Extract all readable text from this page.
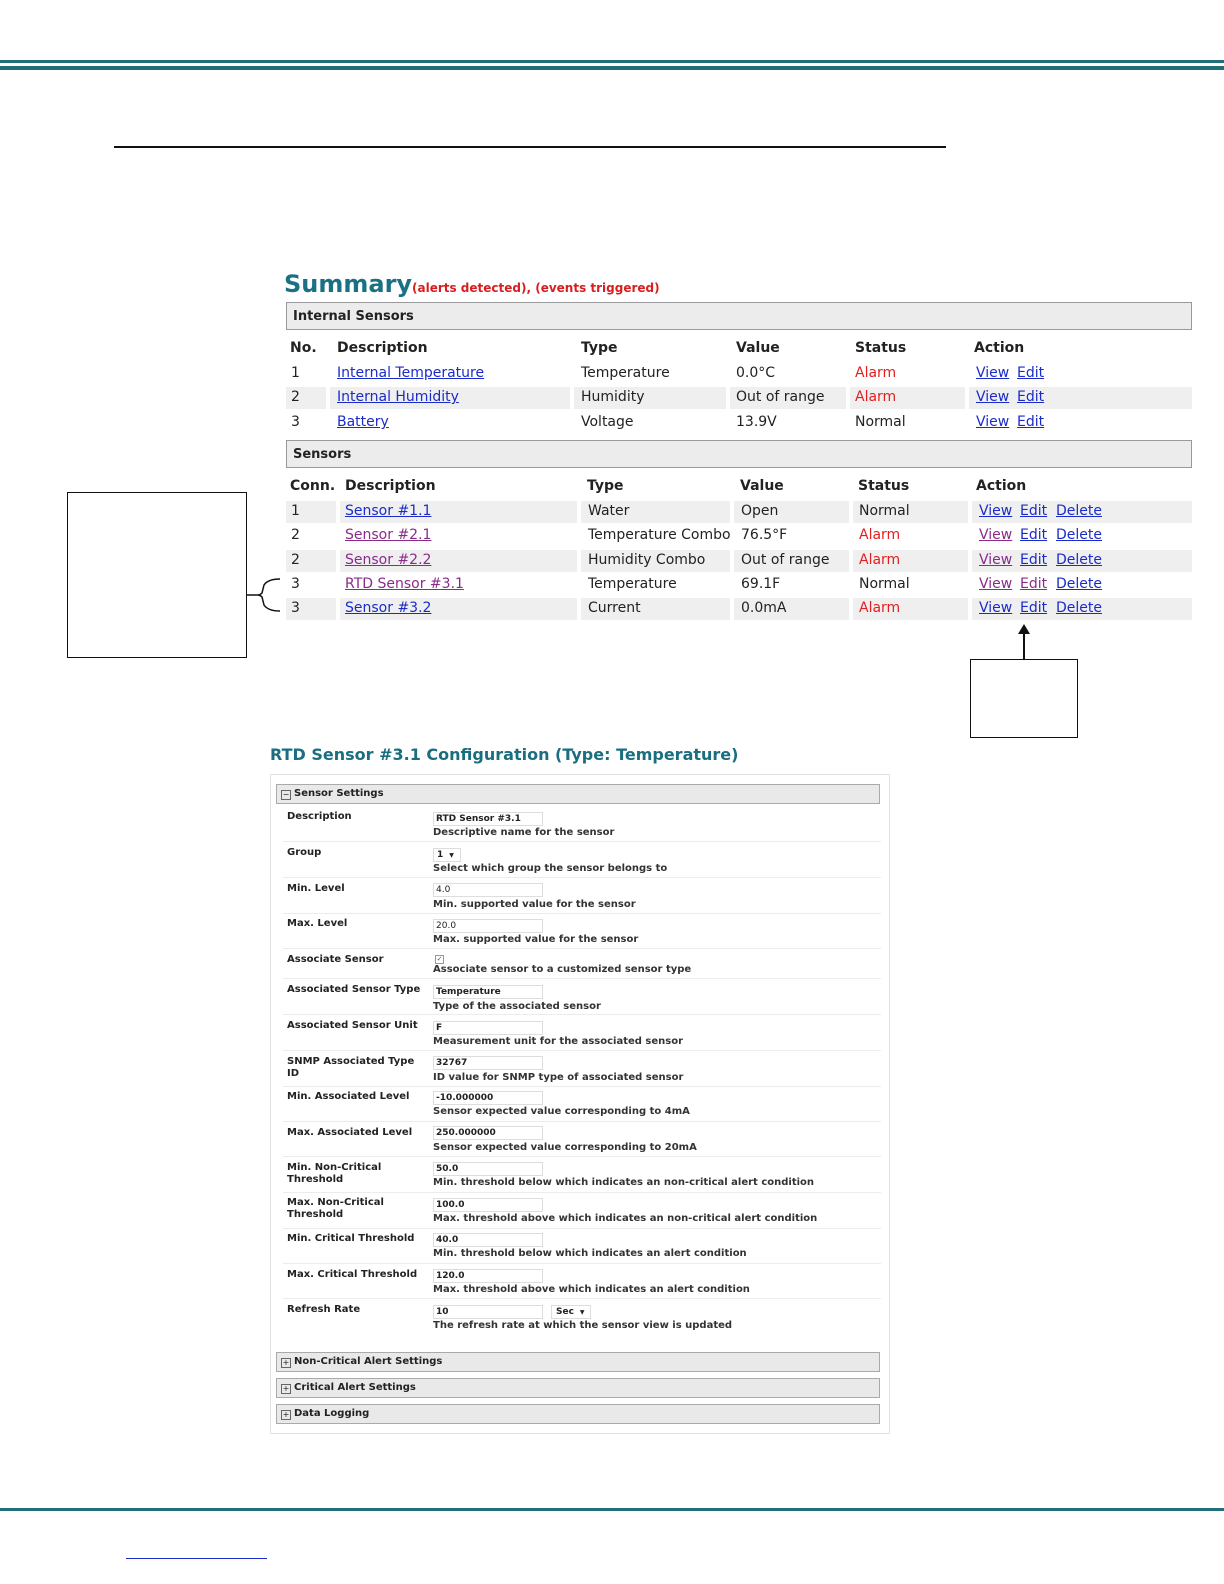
Summary (alerts detected), (events triggered)
Internal Sensors
No. Description	Type	Value	Status	Action
1	Internal Temperature	Temperature	0.0°C	Alarm	View Edit
2	Internal Humidity	Humidity	Out of range Alarm	View Edit
3	Battery	Voltage	13.9V	Normal	View Edit
Sensors
Conn. Description	Type	Value	Status	Action
1	Sensor #1.1	Water	Open	Normal	View Edit Delete
2	Sensor #2.1	Temperature Combo 76.5°F	Alarm	View Edit Delete
2	Sensor #2.2	Humidity Combo	Out of range Alarm	View Edit Delete
3	RTD Sensor #3.1	Temperature	69.1F	Normal	View Edit Delete
3	Sensor #3.2	Current	0.0mA	Alarm	View Edit Delete
RTD Sensor #3.1 Configuration (Type: Temperature)
− Sensor Settings
Description	RTD Sensor #3.1
Descriptive name for the sensor
Group	1 ▼
Select which group the sensor belongs to
Min. Level	4.0
Min. supported value for the sensor
Max. Level	20.0
Max. supported value for the sensor
Associate Sensor	✓
Associate sensor to a customized sensor type
Associated Sensor Type	Temperature
Type of the associated sensor
Associated Sensor Unit	F
Measurement unit for the associated sensor
SNMP Associated Type ID
32767
ID value for SNMP type of associated sensor
Min. Associated Level	-10.000000
Sensor expected value corresponding to 4mA
Max. Associated Level	250.000000
Sensor expected value corresponding to 20mA
Min. Non-Critical Threshold
50.0
Min. threshold below which indicates an non-critical alert condition
Max. Non-Critical Threshold
100.0
Max. threshold above which indicates an non-critical alert condition
Min. Critical Threshold	40.0
Min. threshold below which indicates an alert condition
Max. Critical Threshold	120.0
Max. threshold above which indicates an alert condition
Refresh Rate	10	Sec ▼
The refresh rate at which the sensor view is updated
+ Non-Critical Alert Settings
+ Critical Alert Settings
+ Data Logging
